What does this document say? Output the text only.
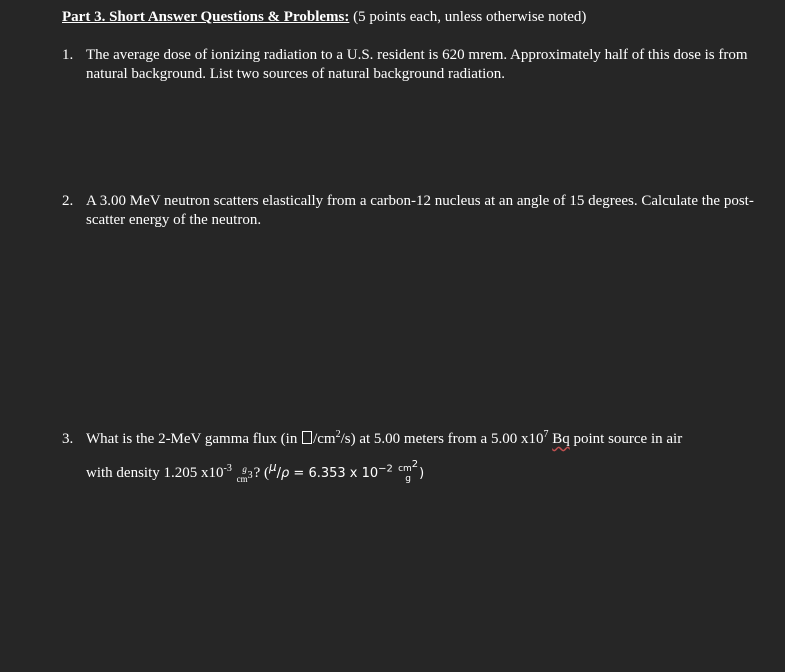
Part 3. Short Answer Questions & Problems: (5 points each, unless otherwise noted)
1. The average dose of ionizing radiation to a U.S. resident is 620 mrem. Approximately half of this dose is from natural background. List two sources of natural background radiation.
2. A 3.00 MeV neutron scatters elastically from a carbon-12 nucleus at an angle of 15 degrees. Calculate the post-scatter energy of the neutron.
3. What is the 2-MeV gamma flux (in $/cm^2/s$) at 5.00 meters from a 5.00 $x10^7$ Bq point source in air
with density 1.205 $x10^{-3}$	g
$cm^3$ ? (μ/ρ = 6.353 x $10^{-2}$ $cm^2$
g )
